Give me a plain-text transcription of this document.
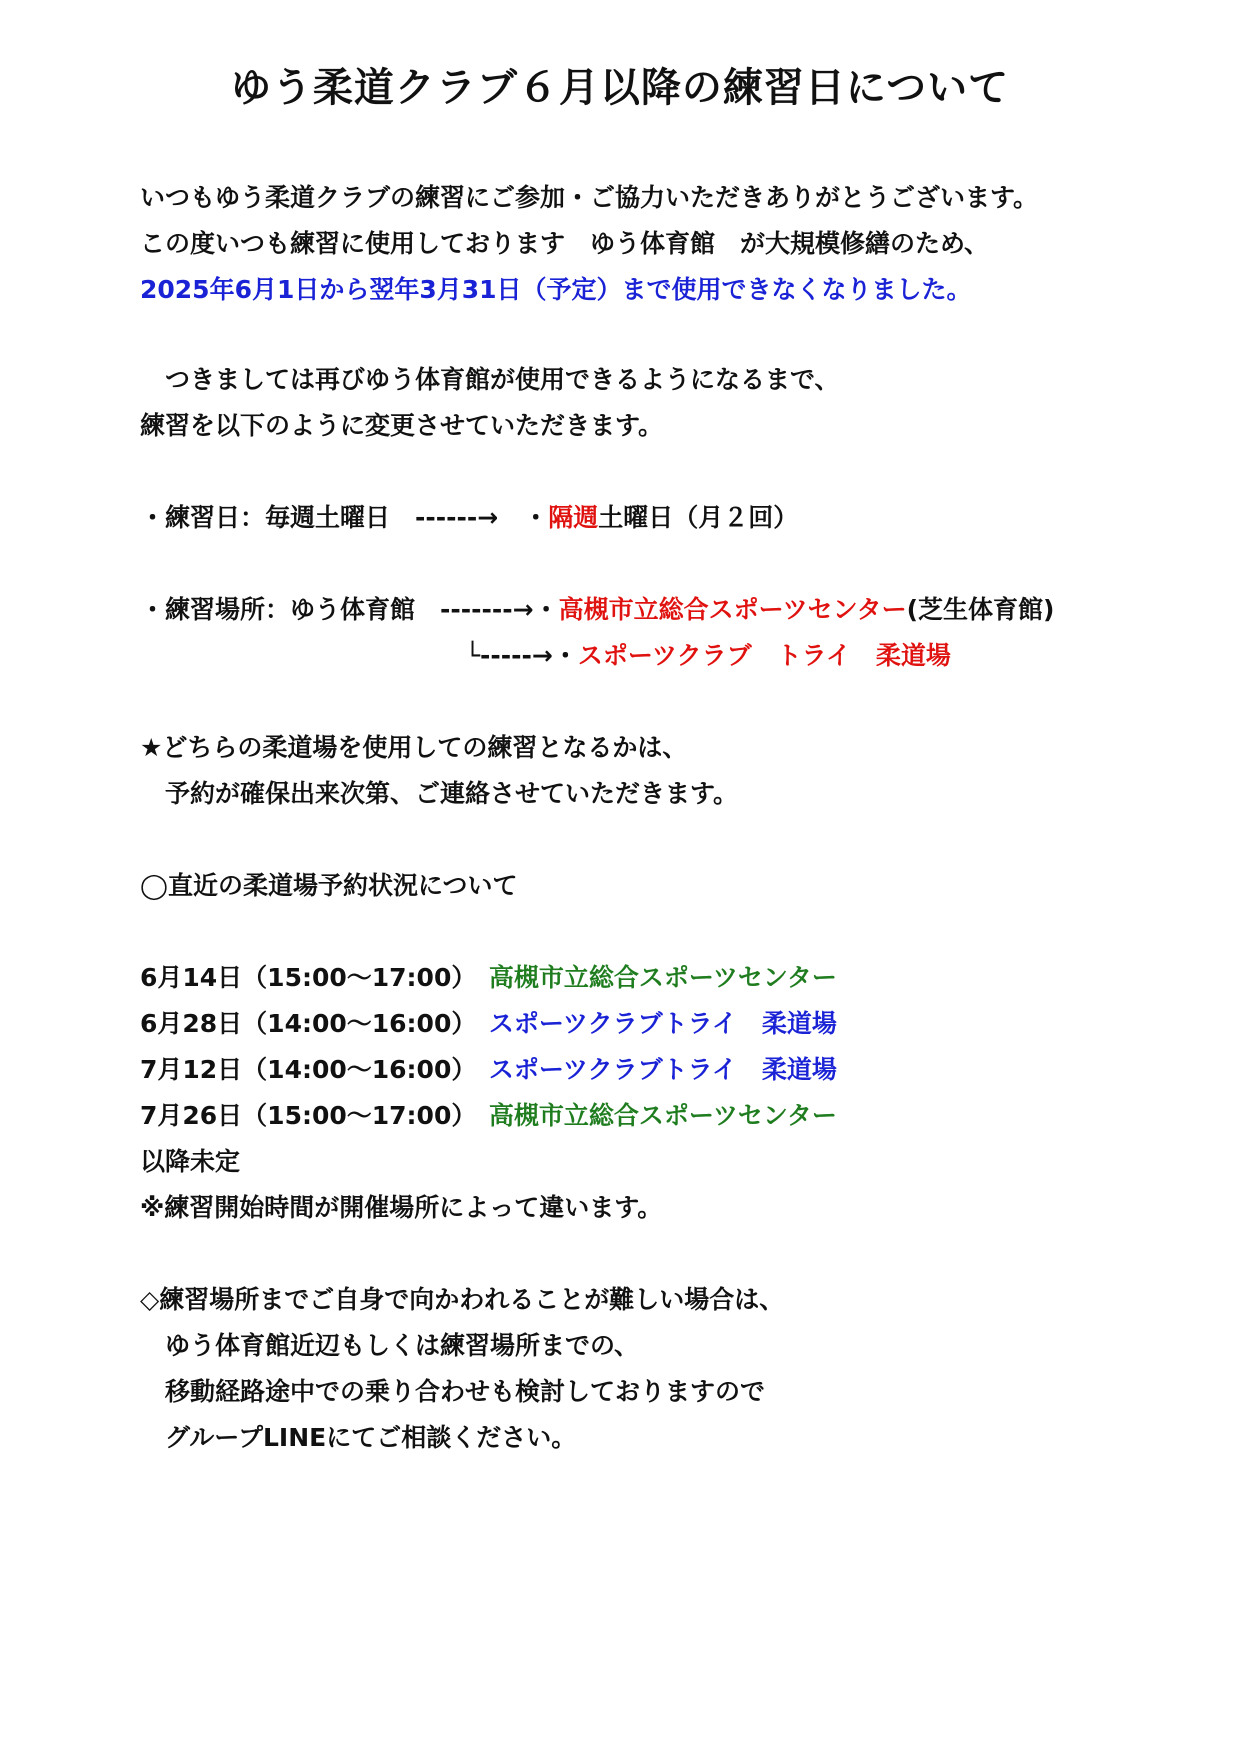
ゆう柔道クラブ６月以降の練習日について
いつもゆう柔道クラブの練習にご参加・ご協力いただきありがとうございます。
この度いつも練習に使用しております　ゆう体育館　が大規模修繕のため、
2025年6月1日から翌年3月31日（予定）まで使用できなくなりました。
　つきましては再びゆう体育館が使用できるようになるまで、
練習を以下のように変更させていただきます。
・練習日：毎週土曜日　------→　・隔週土曜日（月２回）
・練習場所：ゆう体育館　-------→・高槻市立総合スポーツセンター(芝生体育館)
└-----→・スポーツクラブ　トライ　柔道場
★どちらの柔道場を使用しての練習となるかは、
　予約が確保出来次第、ご連絡させていただきます。
◯直近の柔道場予約状況について
6月14日（15:00～17:00）　 高槻市立総合スポーツセンター
6月28日（14:00～16:00）　 スポーツクラブトライ　柔道場
7月12日（14:00～16:00）　 スポーツクラブトライ　柔道場
7月26日（15:00～17:00）　 高槻市立総合スポーツセンター
以降未定
※練習開始時間が開催場所によって違います。
◇練習場所までご自身で向かわれることが難しい場合は、
　ゆう体育館近辺もしくは練習場所までの、
　移動経路途中での乗り合わせも検討しておりますので
　グループLINEにてご相談ください。
